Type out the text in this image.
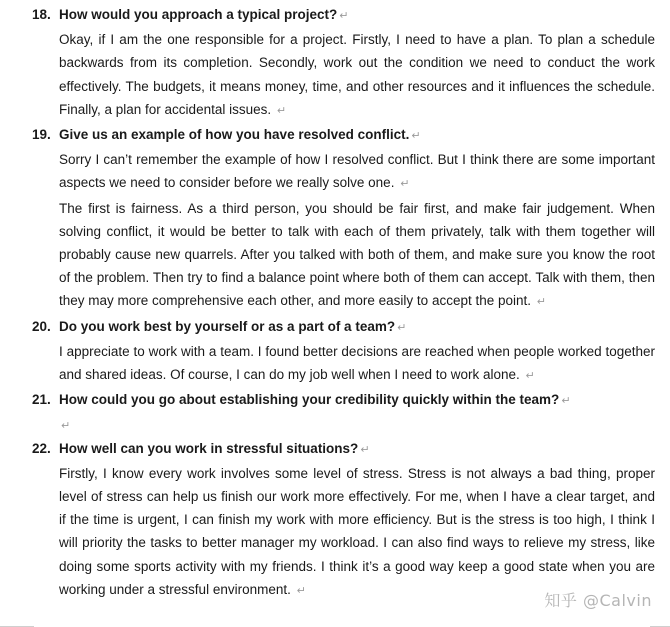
18. How would you approach a typical project? ↵
Okay, if I am the one responsible for a project. Firstly, I need to have a plan. To plan a schedule backwards from its completion. Secondly, work out the condition we need to conduct the work effectively. The budgets, it means money, time, and other resources and it influences the schedule. Finally, a plan for accidental issues. ↵
19. Give us an example of how you have resolved conflict. ↵
Sorry I can’t remember the example of how I resolved conflict. But I think there are some important aspects we need to consider before we really solve one. ↵
The first is fairness. As a third person, you should be fair first, and make fair judgement. When solving conflict, it would be better to talk with each of them privately, talk with them together will probably cause new quarrels. After you talked with both of them, and make sure you know the root of the problem. Then try to find a balance point where both of them can accept. Talk with them, then they may more comprehensive each other, and more easily to accept the point. ↵
20. Do you work best by yourself or as a part of a team? ↵
I appreciate to work with a team. I found better decisions are reached when people worked together and shared ideas. Of course, I can do my job well when I need to work alone. ↵
21. How could you go about establishing your credibility quickly within the team? ↵
↵
22. How well can you work in stressful situations? ↵
Firstly, I know every work involves some level of stress. Stress is not always a bad thing, proper level of stress can help us finish our work more effectively. For me, when I have a clear target, and if the time is urgent, I can finish my work with more efficiency. But is the stress is too high, I think I will priority the tasks to better manager my workload. I can also find ways to relieve my stress, like doing some sports activity with my friends. I think it’s a good way keep a good state when you are working under a stressful environment. ↵
知乎 @Calvin
